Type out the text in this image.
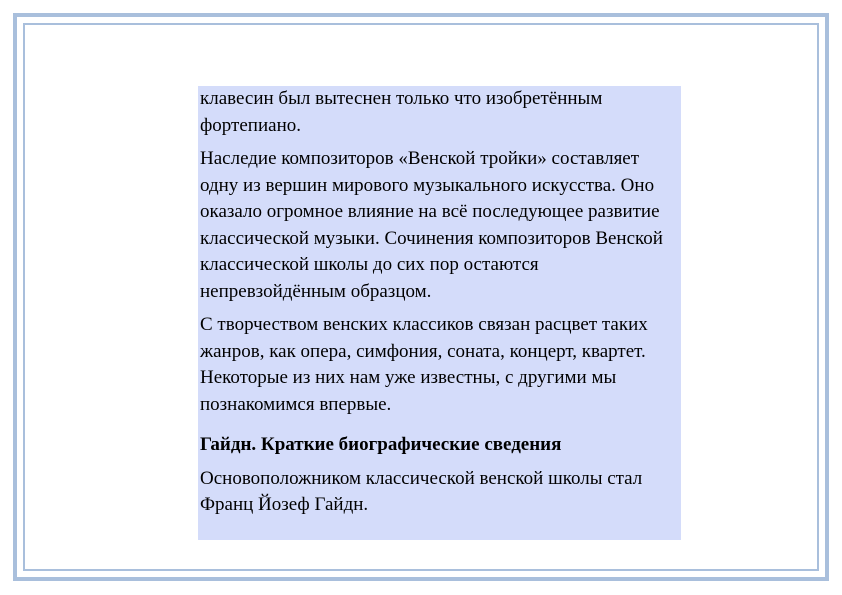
клавесин был вытеснен только что изобретённым фортепиано.

Наследие композиторов «Венской тройки» составляет одну из вершин мирового музыкального искусства. Оно оказало огромное влияние на всё последующее развитие классической музыки. Сочинения композиторов Венской классической школы до сих пор остаются непревзойдённым образцом.

С творчеством венских классиков связан расцвет таких жанров, как опера, симфония, соната, концерт, квартет. Некоторые из них нам уже известны, с другими мы познакомимся впервые.

Гайдн. Краткие биографические сведения

Основоположником классической венской школы стал Франц Йозеф Гайдн.
